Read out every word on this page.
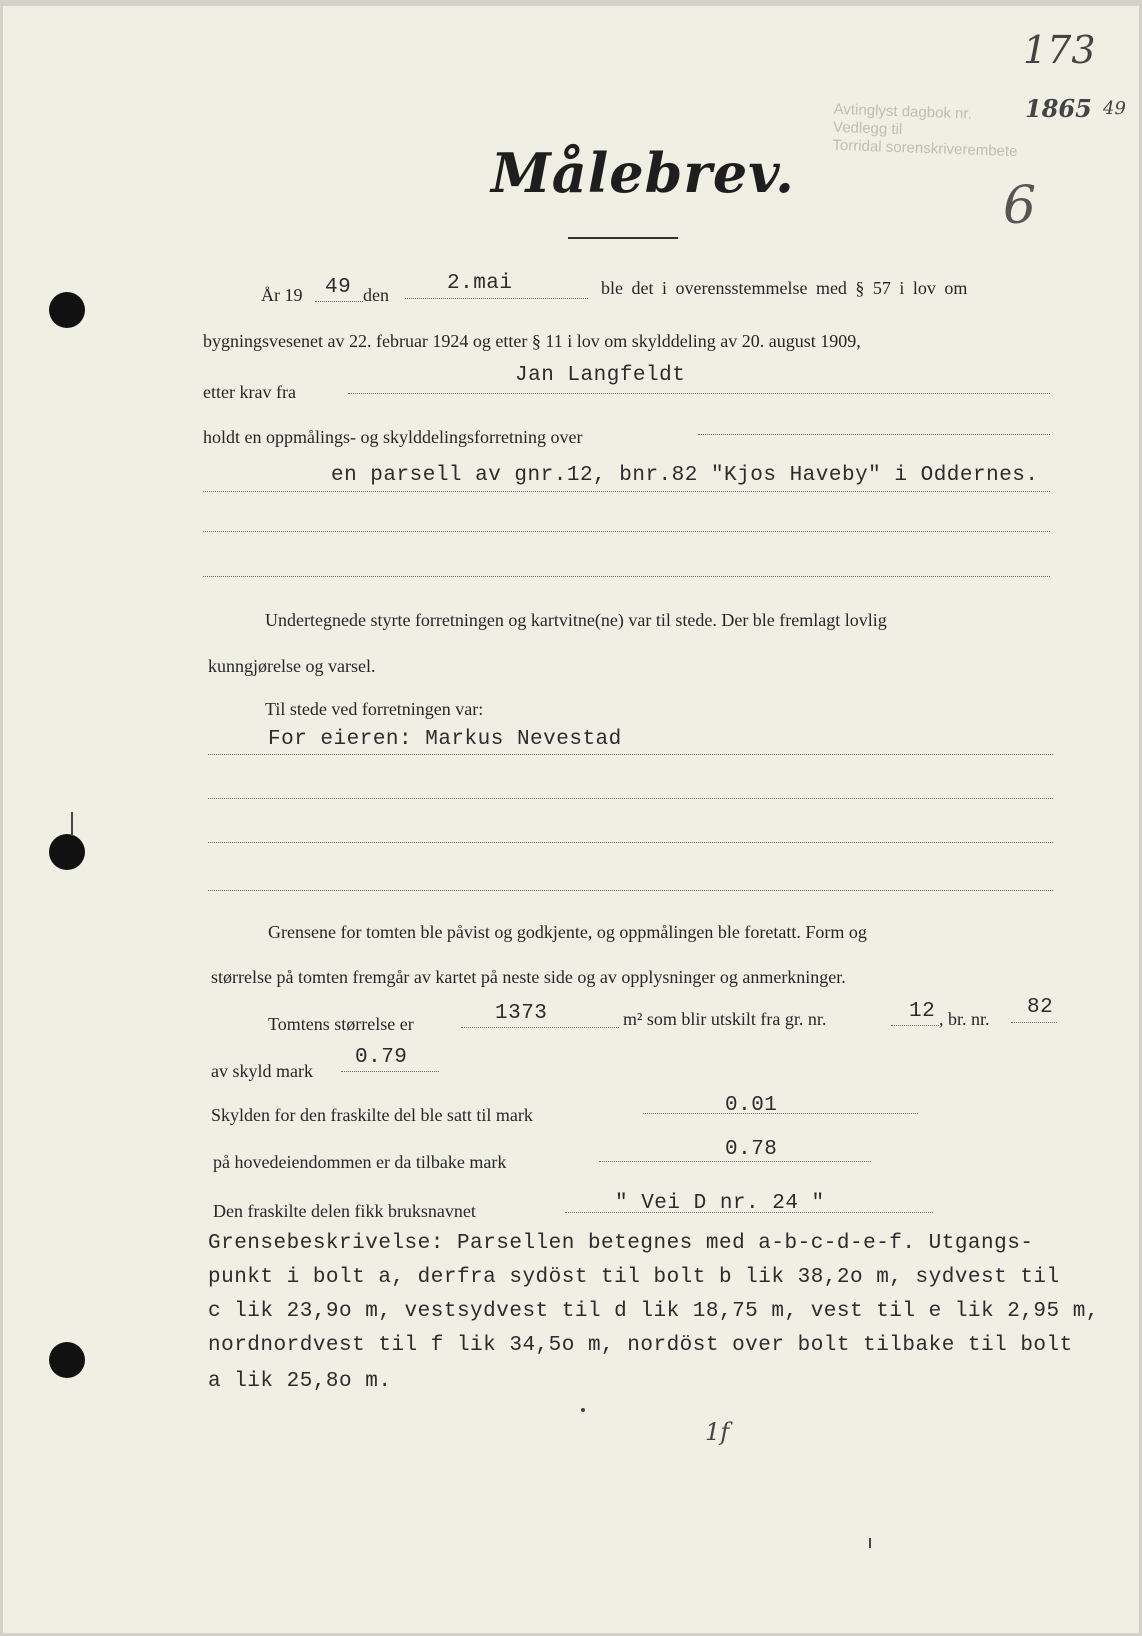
173
1865 49
Avtinglyst dagbok nr.
Vedlegg til
Torridal sorenskriverembete
6
Målebrev.
År 19 49 den	2.mai	ble det i overensstemmelse med § 57 i lov om
bygningsvesenet av 22. februar 1924 og etter § 11 i lov om skylddeling av 20. august 1909,
etter krav fra
Jan Langfeldt
holdt en oppmålings- og skylddelingsforretning over
en parsell av gnr.12, bnr.82 "Kjos Haveby" i Oddernes.
Undertegnede styrte forretningen og kartvitne(ne) var til stede. Der ble fremlagt lovlig
kunngjørelse og varsel.
Til stede ved forretningen var:
For eieren: Markus Nevestad
Grensene for tomten ble påvist og godkjente, og oppmålingen ble foretatt. Form og
størrelse på tomten fremgår av kartet på neste side og av opplysninger og anmerkninger.
Tomtens størrelse er	1373	m² som blir utskilt fra gr. nr.	12 , br. nr. 82
av skyld mark
0.79
Skylden for den fraskilte del ble satt til mark	0.01
på hovedeiendommen er da tilbake mark
0.78
Den fraskilte delen fikk bruksnavnet	" Vei D nr. 24 "
Grensebeskrivelse: Parsellen betegnes med a-b-c-d-e-f. Utgangs-
punkt i bolt a, derfra sydöst til bolt b lik 38,2o m, sydvest til
c lik 23,9o m, vestsydvest til d lik 18,75 m, vest til e lik 2,95 m,
nordnordvest til f lik 34,5o m, nordöst over bolt tilbake til bolt
a lik 25,8o m.
1f
